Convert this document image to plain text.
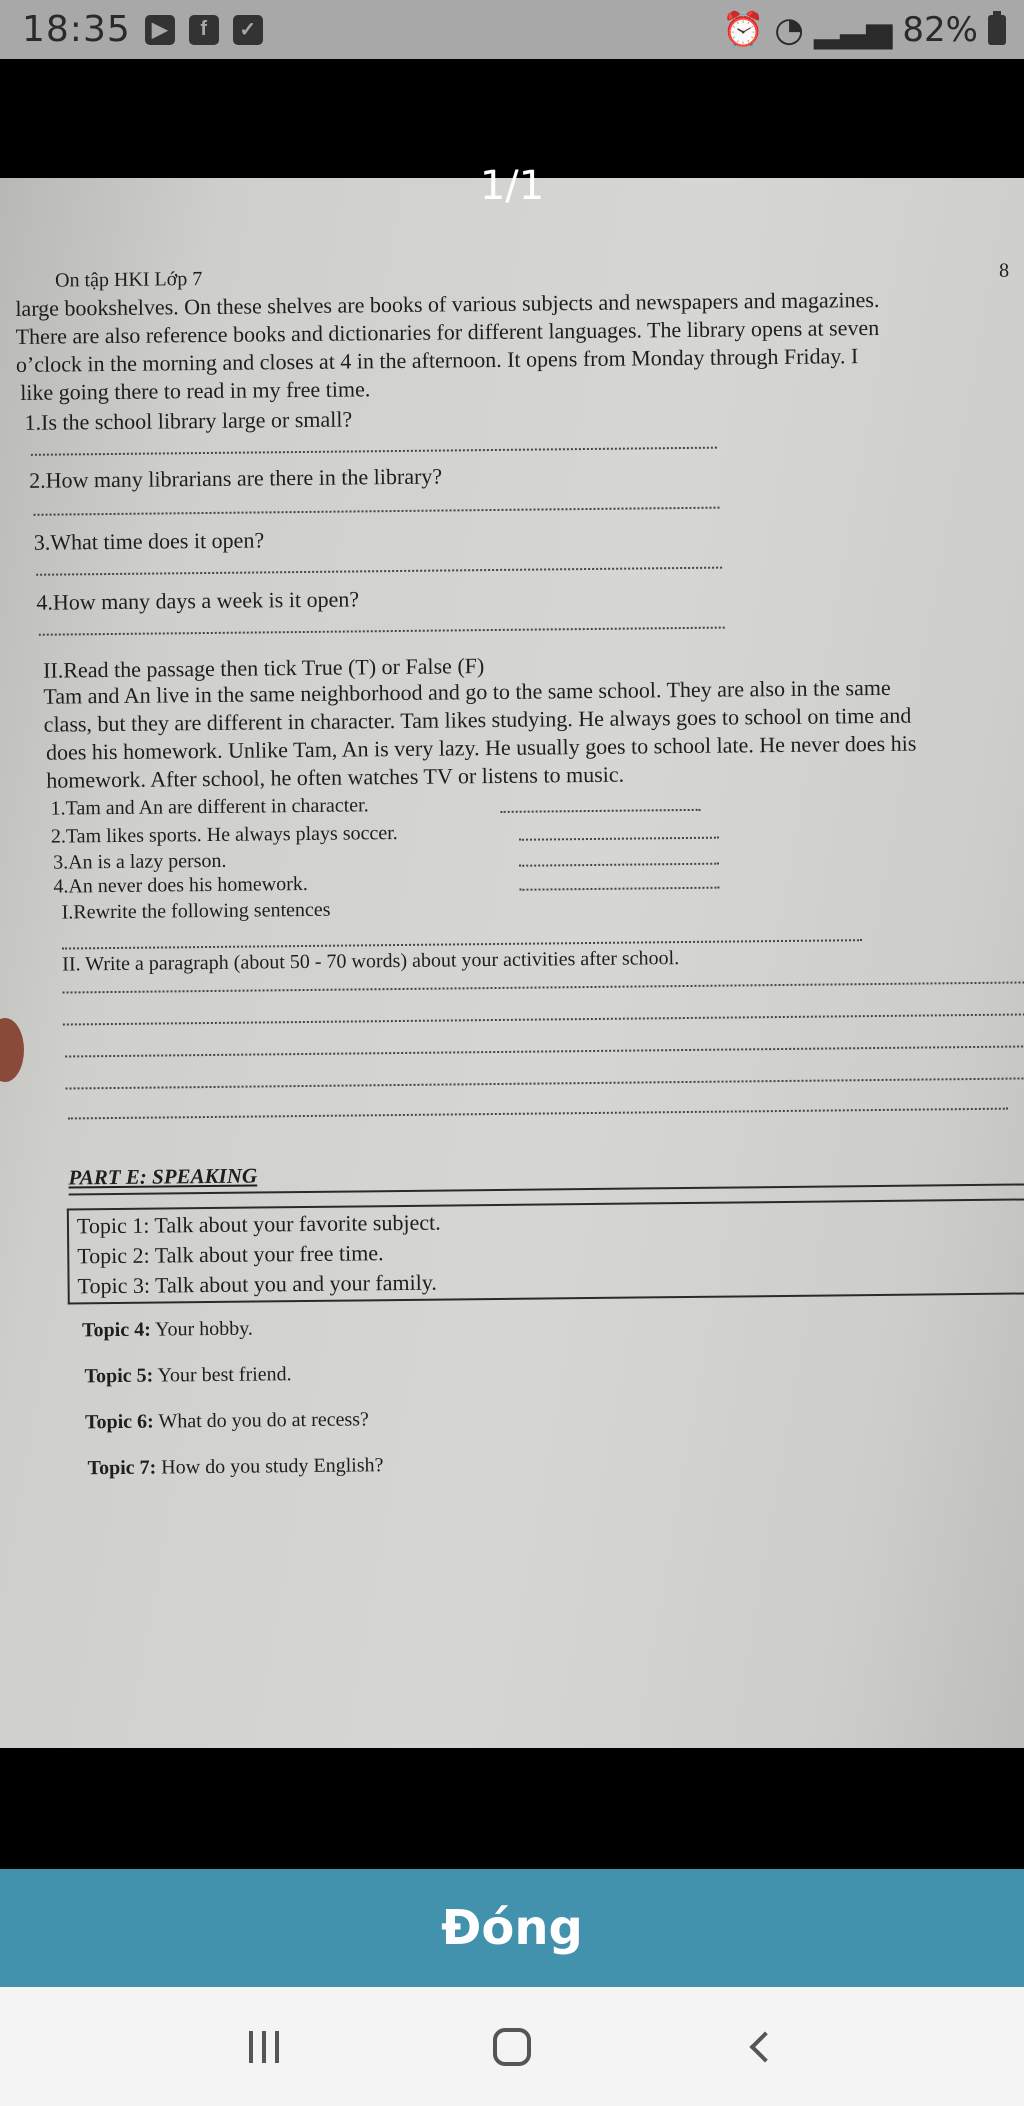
18:35	▶	f	✓	⏰ ◔ ▂▃▅ 82%
1/1
On tập HKI Lớp 7	8
large bookshelves. On these shelves are books of various subjects and newspapers and magazines.
There are also reference books and dictionaries for different languages. The library opens at seven
o’clock in the morning and closes at 4 in the afternoon. It opens from Monday through Friday. I
like going there to read in my free time.
1.Is the school library large or small?
2.How many librarians are there in the library?
3.What time does it open?
4.How many days a week is it open?
II.Read the passage then tick True (T) or False (F)
Tam and An live in the same neighborhood and go to the same school. They are also in the same
class, but they are different in character. Tam likes studying. He always goes to school on time and
does his homework. Unlike Tam, An is very lazy. He usually goes to school late. He never does his
homework. After school, he often watches TV or listens to music.
1.Tam and An are different in character.
2.Tam likes sports. He always plays soccer.
3.An is a lazy person.
4.An never does his homework.
I.Rewrite the following sentences
II. Write a paragraph (about 50 - 70 words) about your activities after school.
PART E: SPEAKING
Topic 1: Talk about your favorite subject.
Topic 2: Talk about your free time.
Topic 3: Talk about you and your family.
Topic 4: Your hobby.
Topic 5: Your best friend.
Topic 6: What do you do at recess?
Topic 7: How do you study English?
Đóng
